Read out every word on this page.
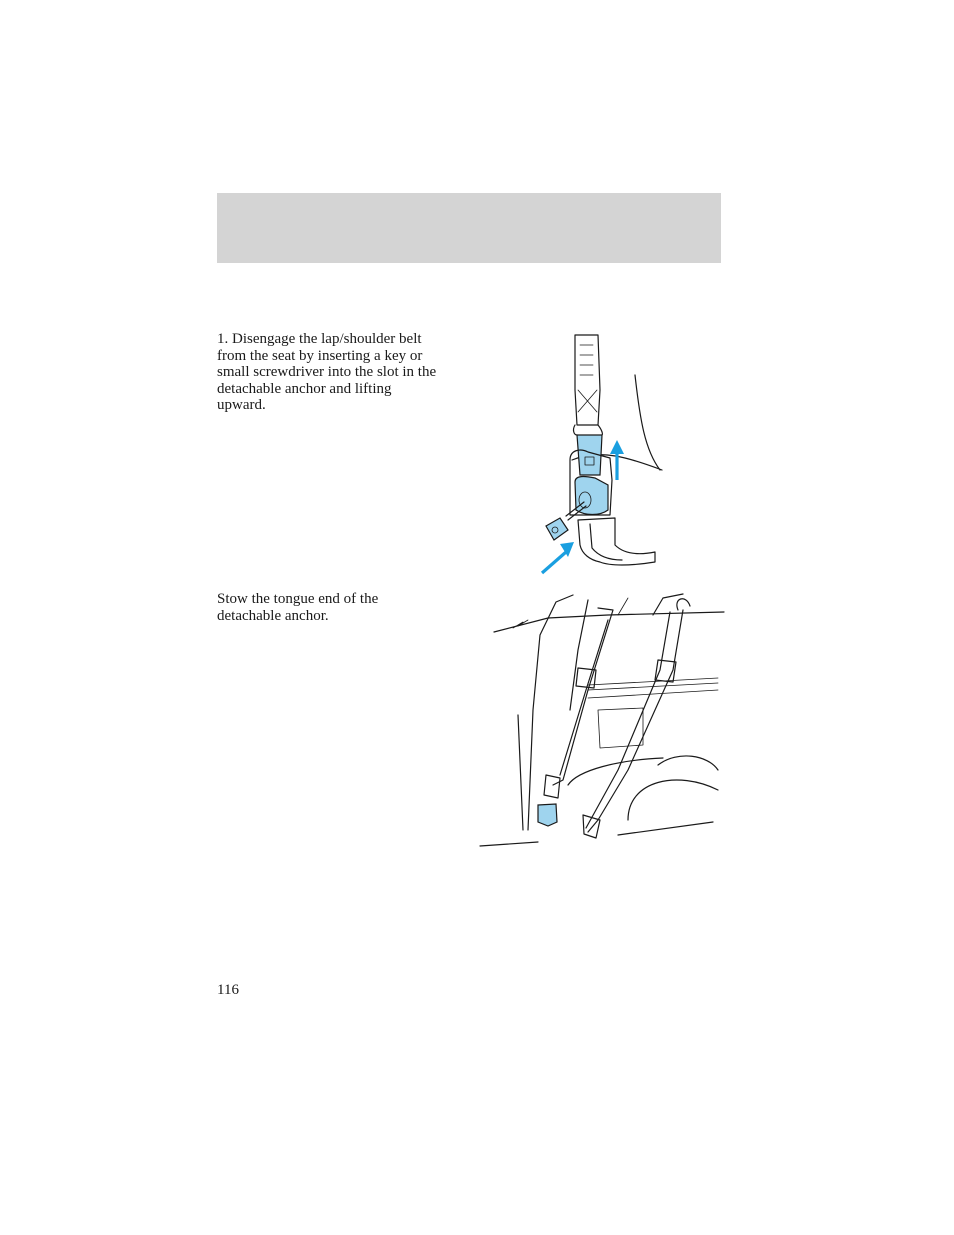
1. Disengage the lap/shoulder belt
from the seat by inserting a key or
small screwdriver into the slot in the
detachable anchor and lifting
upward.

Stow the tongue end of the
detachable anchor.

116
